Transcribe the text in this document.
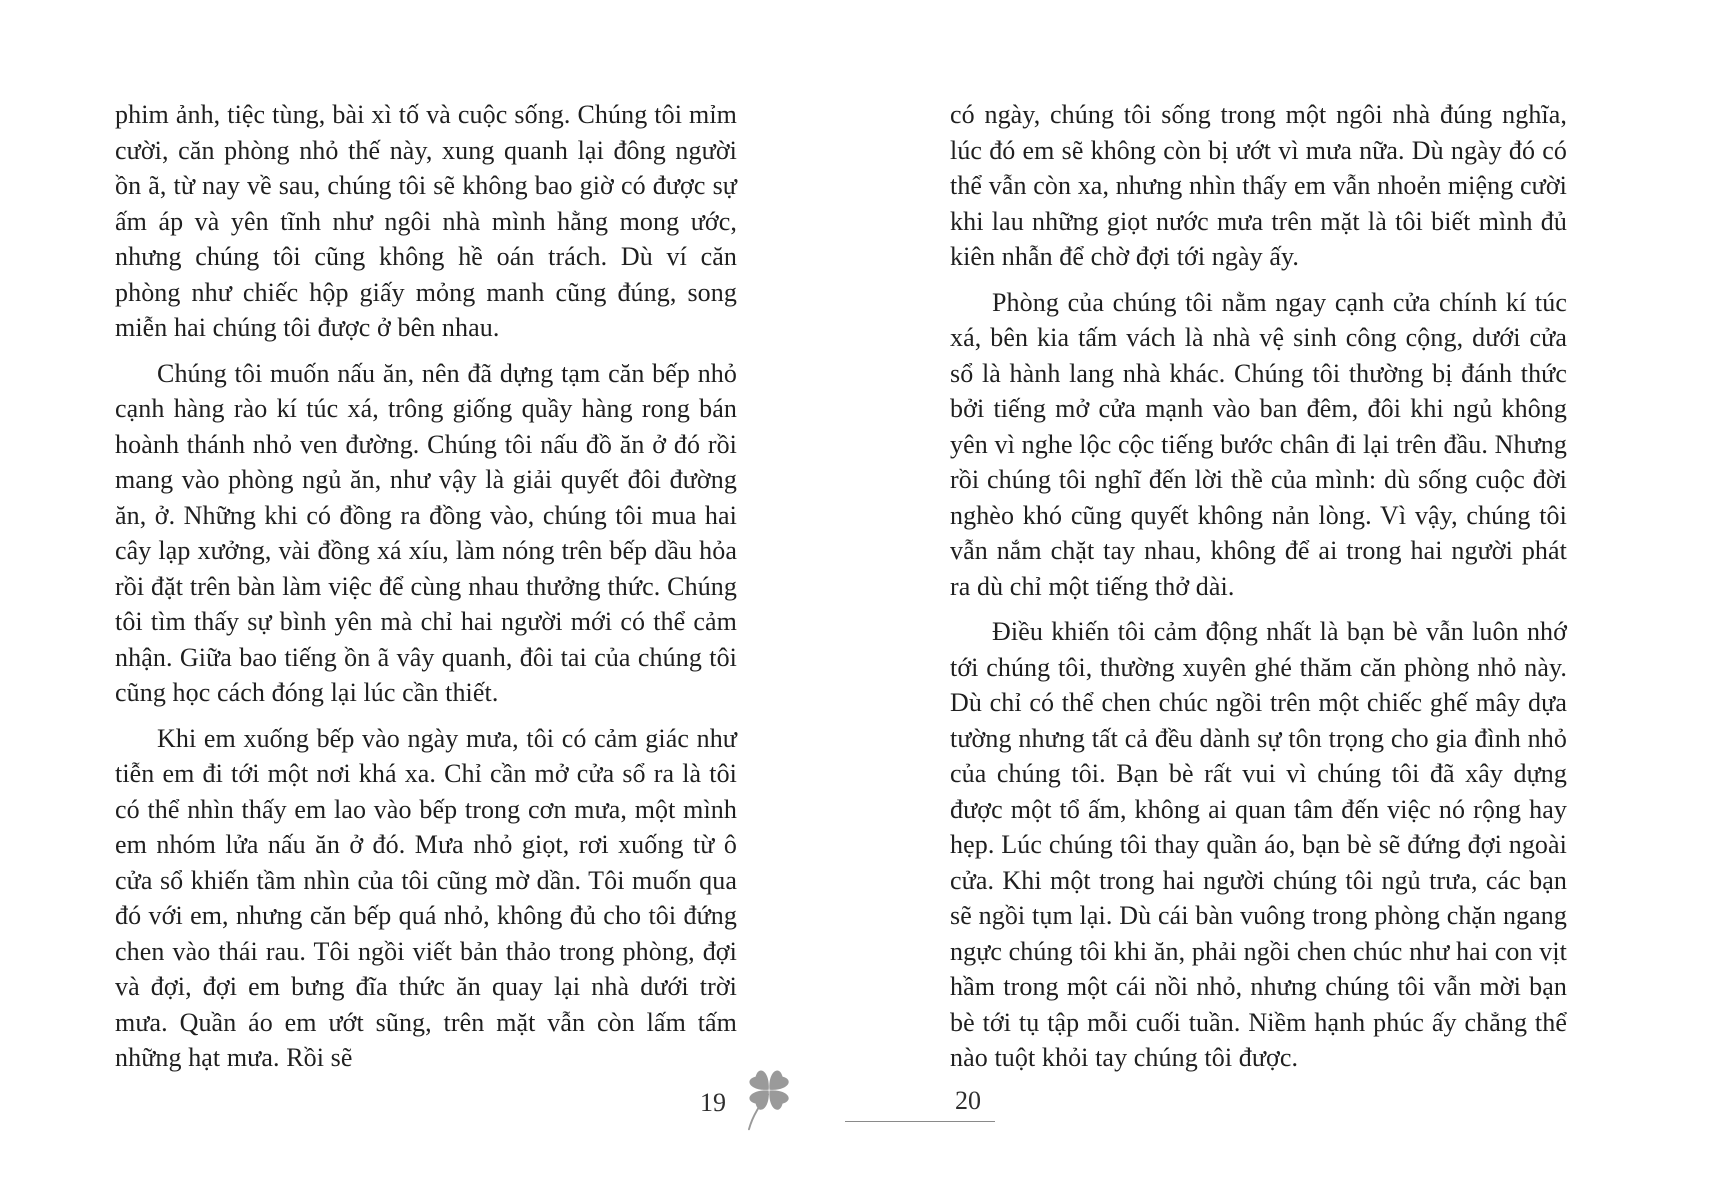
phim ảnh, tiệc tùng, bài xì tố và cuộc sống. Chúng tôi mỉm cười, căn phòng nhỏ thế này, xung quanh lại đông người ồn ã, từ nay về sau, chúng tôi sẽ không bao giờ có được sự ấm áp và yên tĩnh như ngôi nhà mình hằng mong ước, nhưng chúng tôi cũng không hề oán trách. Dù ví căn phòng như chiếc hộp giấy mỏng manh cũng đúng, song miễn hai chúng tôi được ở bên nhau.

Chúng tôi muốn nấu ăn, nên đã dựng tạm căn bếp nhỏ cạnh hàng rào kí túc xá, trông giống quầy hàng rong bán hoành thánh nhỏ ven đường. Chúng tôi nấu đồ ăn ở đó rồi mang vào phòng ngủ ăn, như vậy là giải quyết đôi đường ăn, ở. Những khi có đồng ra đồng vào, chúng tôi mua hai cây lạp xưởng, vài đồng xá xíu, làm nóng trên bếp dầu hỏa rồi đặt trên bàn làm việc để cùng nhau thưởng thức. Chúng tôi tìm thấy sự bình yên mà chỉ hai người mới có thể cảm nhận. Giữa bao tiếng ồn ã vây quanh, đôi tai của chúng tôi cũng học cách đóng lại lúc cần thiết.

Khi em xuống bếp vào ngày mưa, tôi có cảm giác như tiễn em đi tới một nơi khá xa. Chỉ cần mở cửa sổ ra là tôi có thể nhìn thấy em lao vào bếp trong cơn mưa, một mình em nhóm lửa nấu ăn ở đó. Mưa nhỏ giọt, rơi xuống từ ô cửa sổ khiến tầm nhìn của tôi cũng mờ dần. Tôi muốn qua đó với em, nhưng căn bếp quá nhỏ, không đủ cho tôi đứng chen vào thái rau. Tôi ngồi viết bản thảo trong phòng, đợi và đợi, đợi em bưng đĩa thức ăn quay lại nhà dưới trời mưa. Quần áo em ướt sũng, trên mặt vẫn còn lấm tấm những hạt mưa. Rồi sẽ

có ngày, chúng tôi sống trong một ngôi nhà đúng nghĩa, lúc đó em sẽ không còn bị ướt vì mưa nữa. Dù ngày đó có thể vẫn còn xa, nhưng nhìn thấy em vẫn nhoẻn miệng cười khi lau những giọt nước mưa trên mặt là tôi biết mình đủ kiên nhẫn để chờ đợi tới ngày ấy.

Phòng của chúng tôi nằm ngay cạnh cửa chính kí túc xá, bên kia tấm vách là nhà vệ sinh công cộng, dưới cửa sổ là hành lang nhà khác. Chúng tôi thường bị đánh thức bởi tiếng mở cửa mạnh vào ban đêm, đôi khi ngủ không yên vì nghe lộc cộc tiếng bước chân đi lại trên đầu. Nhưng rồi chúng tôi nghĩ đến lời thề của mình: dù sống cuộc đời nghèo khó cũng quyết không nản lòng. Vì vậy, chúng tôi vẫn nắm chặt tay nhau, không để ai trong hai người phát ra dù chỉ một tiếng thở dài.

Điều khiến tôi cảm động nhất là bạn bè vẫn luôn nhớ tới chúng tôi, thường xuyên ghé thăm căn phòng nhỏ này. Dù chỉ có thể chen chúc ngồi trên một chiếc ghế mây dựa tường nhưng tất cả đều dành sự tôn trọng cho gia đình nhỏ của chúng tôi. Bạn bè rất vui vì chúng tôi đã xây dựng được một tổ ấm, không ai quan tâm đến việc nó rộng hay hẹp. Lúc chúng tôi thay quần áo, bạn bè sẽ đứng đợi ngoài cửa. Khi một trong hai người chúng tôi ngủ trưa, các bạn sẽ ngồi tụm lại. Dù cái bàn vuông trong phòng chặn ngang ngực chúng tôi khi ăn, phải ngồi chen chúc như hai con vịt hầm trong một cái nồi nhỏ, nhưng chúng tôi vẫn mời bạn bè tới tụ tập mỗi cuối tuần. Niềm hạnh phúc ấy chẳng thể nào tuột khỏi tay chúng tôi được.

19	20
